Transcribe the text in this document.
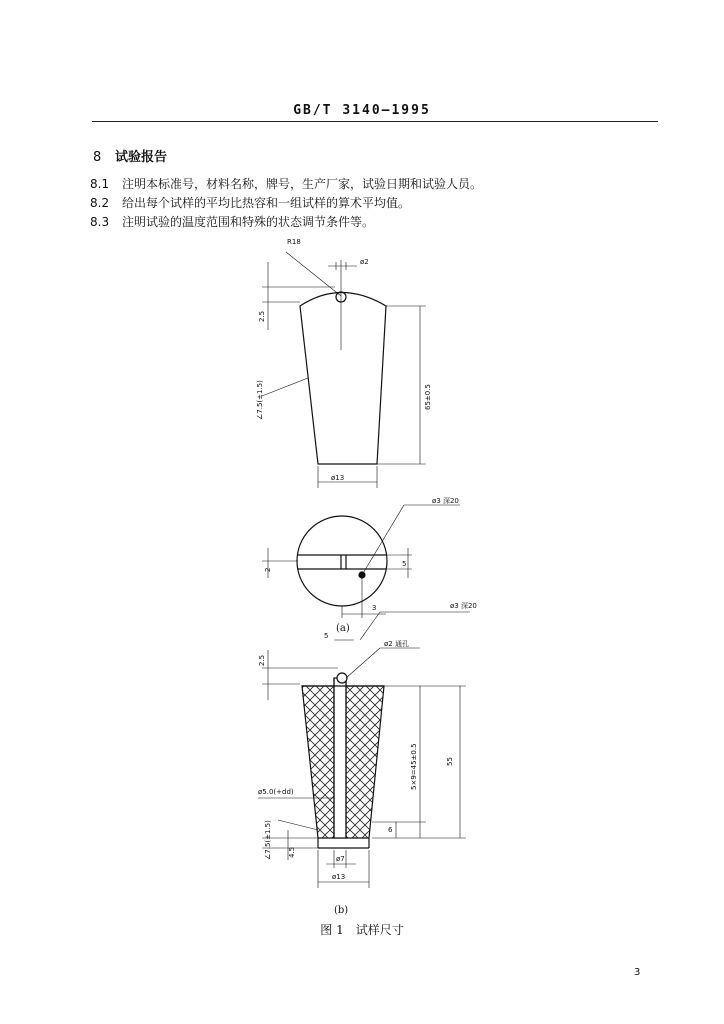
GB/T 3140—1995
8 试验报告
8.1 注明本标准号，材料名称，牌号，生产厂家，试验日期和试验人员。
8.2 给出每个试样的平均比热容和一组试样的算术平均值。
8.3 注明试验的温度范围和特殊的状态调节条件等。
R18
ø2
2.5
∠7.5(±1.5)	65±0.5
ø13
ø3 深20
2
5
3	ø3 深20
5
ø2 通孔
2.5
5×9=45±0.5	55
6
ø5.0(+dd)
∠7.5(±1.5) 4.5
ø7
ø13
(a)
(b)
图 1 试样尺寸
3
